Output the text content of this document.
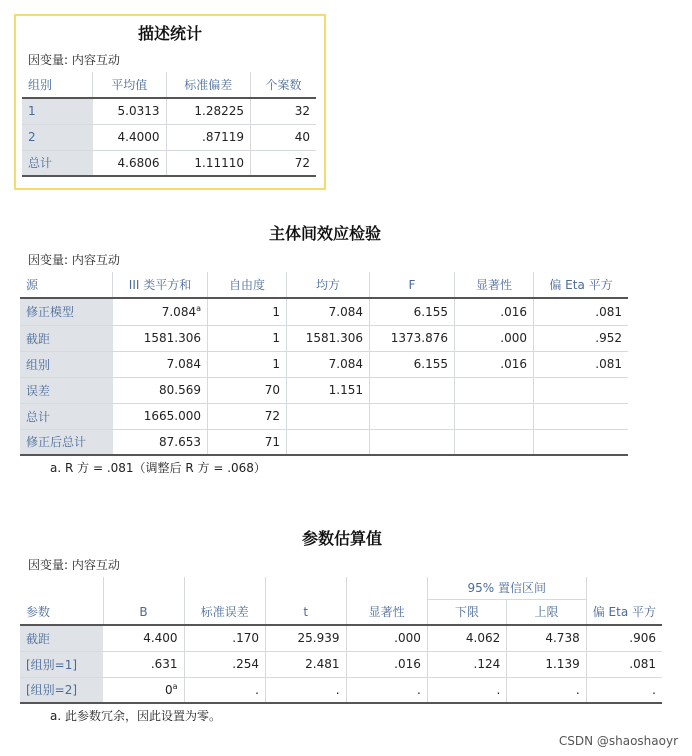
描述统计
因变量: 内容互动
组别	平均值	标准偏差	个案数
1	5.0313	1.28225	32
2	4.4000	.87119	40
总计	4.6806	1.11110	72
主体间效应检验
因变量: 内容互动
源	III 类平方和	自由度	均方	F	显著性	偏 Eta 平方
修正模型	7.084$^a$	1	7.084	6.155	.016	.081
截距	1581.306	1	1581.306	1373.876	.000	.952
组别	7.084	1	7.084	6.155	.016	.081
误差	80.569	70	1.151			
总计	1665.000	72				
修正后总计	87.653	71				
a. R 方 = .081（调整后 R 方 = .068）
参数估算值
因变量: 内容互动
					95% 置信区间		
参数	B	标准误差	t	显著性	下限	上限	偏 Eta 平方
截距	4.400	.170	25.939	.000	4.062	4.738	.906
[组别=1]	.631	.254	2.481	.016	.124	1.139	.081
[组别=2]	0$^a$	.	.	.	.	.	.
a. 此参数冗余，因此设置为零。
CSDN @shaoshaoyr
